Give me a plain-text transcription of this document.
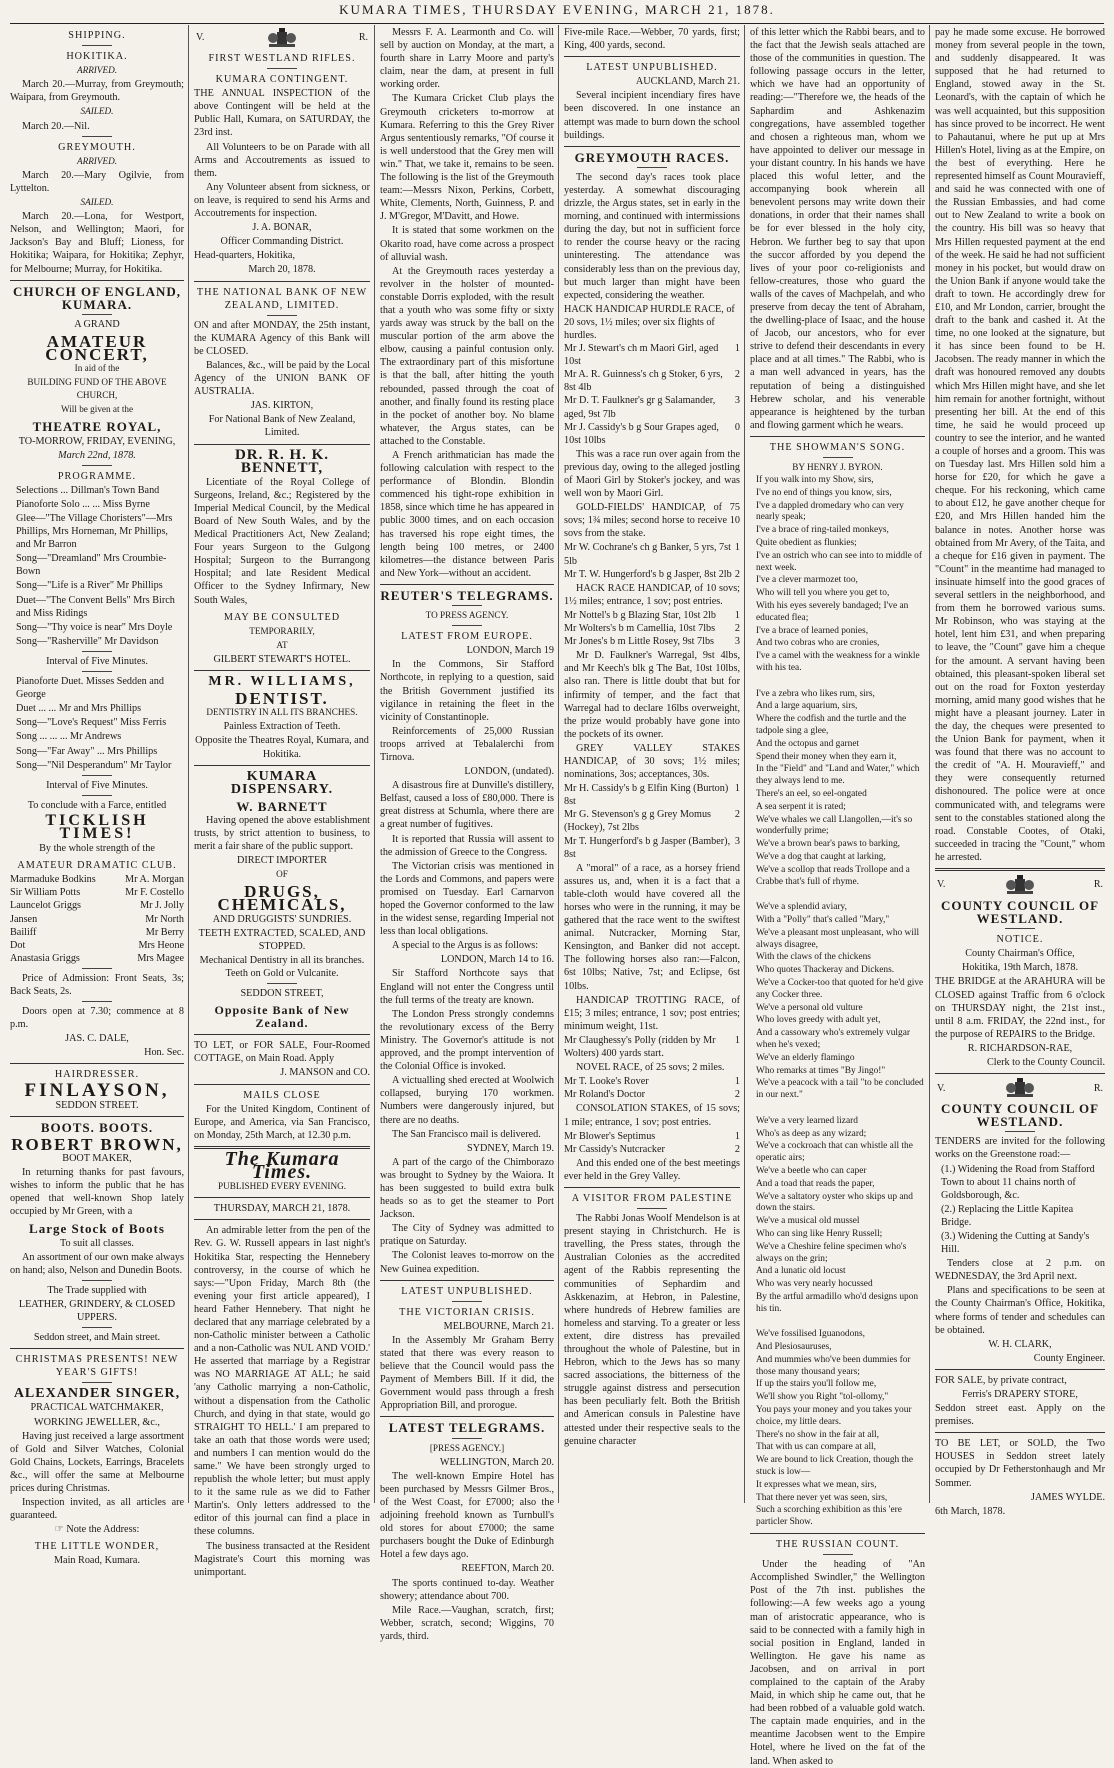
KUMARA TIMES, THURSDAY EVENING, MARCH 21, 1878.
SHIPPING.
HOKITIKA.
ARRIVED.
March 20.—Murray, from Greymouth; Waipara, from Greymouth.
SAILED.
March 20.—Nil.
GREYMOUTH.
ARRIVED.
March 20.—Mary Ogilvie, from Lyttelton.
SAILED.
March 20.—Lona, for Westport, Nelson, and Wellington; Maori, for Jackson's Bay and Bluff; Lioness, for Hokitika; Waipara, for Hokitika; Zephyr, for Melbourne; Murray, for Hokitika.
CHURCH OF ENGLAND, KUMARA.
A GRAND
AMATEUR CONCERT,
In aid of the
BUILDING FUND OF THE ABOVE CHURCH,
Will be given at the
THEATRE ROYAL,
TO-MORROW, FRIDAY, EVENING,
March 22nd, 1878.
PROGRAMME.
Selections ... Dillman's Town Band
Pianoforte Solo ... ... Miss Byrne
Glee—"The Village Choristers"—Mrs Phillips, Mrs Horneman, Mr Phillips, and Mr Barron
Song—"Dreamland" Mrs Croumbie-Bown
Song—"Life is a River" Mr Phillips
Duet—"The Convent Bells" Mrs Birch and Miss Ridings
Song—"Thy voice is near" Mrs Doyle
Song—"Rasherville" Mr Davidson
Interval of Five Minutes.
Pianoforte Duet. Misses Sedden and George
Duet ... ... Mr and Mrs Phillips
Song—"Love's Request" Miss Ferris
Song ... ... ... Mr Andrews
Song—"Far Away" ... Mrs Phillips
Song—"Nil Desperandum" Mr Taylor
Interval of Five Minutes.
To conclude with a Farce, entitled
TICKLISH TIMES!
By the whole strength of the
AMATEUR DRAMATIC CLUB.
Marmaduke Bodkins	Mr A. Morgan
Sir William Potts	Mr F. Costello
Launcelot Griggs	Mr J. Jolly
Jansen	Mr North
Bailiff	Mr Berry
Dot	Mrs Heone
Anastasia Griggs	Mrs Magee
Price of Admission: Front Seats, 3s; Back Seats, 2s.
Doors open at 7.30; commence at 8 p.m.
JAS. C. DALE,
Hon. Sec.
HAIRDRESSER.
FINLAYSON,
SEDDON STREET.
BOOTS. BOOTS.
ROBERT BROWN,
BOOT MAKER,
In returning thanks for past favours, wishes to inform the public that he has opened that well-known Shop lately occupied by Mr Green, with a
Large Stock of Boots
To suit all classes.
An assortment of our own make always on hand; also, Nelson and Dunedin Boots.
The Trade supplied with
LEATHER, GRINDERY, & CLOSED UPPERS.
Seddon street, and Main street.
CHRISTMAS PRESENTS! NEW YEAR'S GIFTS!
ALEXANDER SINGER,
PRACTICAL WATCHMAKER,
WORKING JEWELLER, &c.,
Having just received a large assortment of Gold and Silver Watches, Colonial Gold Chains, Lockets, Earrings, Bracelets &c., will offer the same at Melbourne prices during Christmas.
Inspection invited, as all articles are guaranteed.
☞ Note the Address:
THE LITTLE WONDER,
Main Road, Kumara.
V.	R.
FIRST WESTLAND RIFLES.
KUMARA CONTINGENT.
THE ANNUAL INSPECTION of the above Contingent will be held at the Public Hall, Kumara, on SATURDAY, the 23rd inst.
All Volunteers to be on Parade with all Arms and Accoutrements as issued to them.
Any Volunteer absent from sickness, or on leave, is required to send his Arms and Accoutrements for inspection.
J. A. BONAR,
Officer Commanding District.
Head-quarters, Hokitika,
March 20, 1878.
THE NATIONAL BANK OF NEW ZEALAND, LIMITED.
ON and after MONDAY, the 25th instant, the KUMARA Agency of this Bank will be CLOSED.
Balances, &c., will be paid by the Local Agency of the UNION BANK OF AUSTRALIA.
JAS. KIRTON,
For National Bank of New Zealand, Limited.
DR. R. H. K. BENNETT,
Licentiate of the Royal College of Surgeons, Ireland, &c.; Registered by the Imperial Medical Council, by the Medical Board of New South Wales, and by the Medical Practitioners Act, New Zealand; Four years Surgeon to the Gulgong Hospital; Surgeon to the Burrangong Hospital; and late Resident Medical Officer to the Sydney Infirmary, New South Wales,
MAY BE CONSULTED
TEMPORARILY,
AT
GILBERT STEWART'S HOTEL.
MR. WILLIAMS,
DENTIST.
DENTISTRY IN ALL ITS BRANCHES.
Painless Extraction of Teeth.
Opposite the Theatres Royal, Kumara, and Hokitika.
KUMARA DISPENSARY.
W. BARNETT
Having opened the above establishment trusts, by strict attention to business, to merit a fair share of the public support.
DIRECT IMPORTER
OF
DRUGS, CHEMICALS,
AND DRUGGISTS' SUNDRIES.
TEETH EXTRACTED, SCALED, AND STOPPED.
Mechanical Dentistry in all its branches. Teeth on Gold or Vulcanite.
SEDDON STREET,
Opposite Bank of New Zealand.
TO LET, or FOR SALE, Four-Roomed COTTAGE, on Main Road. Apply
J. MANSON and CO.
MAILS CLOSE
For the United Kingdom, Continent of Europe, and America, via San Francisco, on Monday, 25th March, at 12.30 p.m.
The Kumara Times.
PUBLISHED EVERY EVENING.
THURSDAY, MARCH 21, 1878.
An admirable letter from the pen of the Rev. G. W. Russell appears in last night's Hokitika Star, respecting the Hennebery controversy, in the course of which he says:—"Upon Friday, March 8th (the evening your first article appeared), I heard Father Hennebery. That night he declared that any marriage celebrated by a non-Catholic minister between a Catholic and a non-Catholic was NUL AND VOID.' He asserted that marriage by a Registrar was NO MARRIAGE AT ALL; he said 'any Catholic marrying a non-Catholic, without a dispensation from the Catholic Church, and dying in that state, would go STRAIGHT TO HELL.' I am prepared to take an oath that those words were used; and numbers I can mention would do the same." We have been strongly urged to republish the whole letter; but must apply to it the same rule as we did to Father Martin's. Only letters addressed to the editor of this journal can find a place in these columns.
The business transacted at the Resident Magistrate's Court this morning was unimportant.
Messrs F. A. Learmonth and Co. will sell by auction on Monday, at the mart, a fourth share in Larry Moore and party's claim, near the dam, at present in full working order.
The Kumara Cricket Club plays the Greymouth cricketers to-morrow at Kumara. Referring to this the Grey River Argus sententiously remarks, "Of course it is well understood that the Grey men will win." That, we take it, remains to be seen. The following is the list of the Greymouth team:—Messrs Nixon, Perkins, Corbett, White, Clements, North, Guinness, P. and J. M'Gregor, M'Davitt, and Howe.
It is stated that some workmen on the Okarito road, have come across a prospect of alluvial wash.
At the Greymouth races yesterday a revolver in the holster of mounted-constable Dorris exploded, with the result that a youth who was some fifty or sixty yards away was struck by the ball on the muscular portion of the arm above the elbow, causing a painful contusion only. The extraordinary part of this misfortune is that the ball, after hitting the youth rebounded, passed through the coat of another, and finally found its resting place in the pocket of another boy. No blame whatever, the Argus states, can be attached to the Constable.
A French arithmatician has made the following calculation with respect to the performance of Blondin. Blondin commenced his tight-rope exhibition in 1858, since which time he has appeared in public 3000 times, and on each occasion has traversed his rope eight times, the length being 100 metres, or 2400 kilometres—the distance between Paris and New York—without an accident.
REUTER'S TELEGRAMS.
TO PRESS AGENCY.
LATEST FROM EUROPE.
LONDON, March 19
In the Commons, Sir Stafford Northcote, in replying to a question, said the British Government justified its vigilance in retaining the fleet in the vicinity of Constantinople.
Reinforcements of 25,000 Russian troops arrived at Tebalalerchi from Tirnova.
LONDON, (undated).
A disastrous fire at Dunville's distillery, Belfast, caused a loss of £80,000. There is great distress at Schumla, where there are a great number of fugitives.
It is reported that Russia will assent to the admission of Greece to the Congress.
The Victorian crisis was mentioned in the Lords and Commons, and papers were promised on Tuesday. Earl Carnarvon hoped the Governor conformed to the law in the widest sense, regarding Imperial not less than local obligations.
A special to the Argus is as follows:
LONDON, March 14 to 16.
Sir Stafford Northcote says that England will not enter the Congress until the full terms of the treaty are known.
The London Press strongly condemns the revolutionary excess of the Berry Ministry. The Governor's attitude is not approved, and the prompt intervention of the Colonial Office is invoked.
A victualling shed erected at Woolwich collapsed, burying 170 workmen. Numbers were dangerously injured, but there are no deaths.
The San Francisco mail is delivered.
SYDNEY, March 19.
A part of the cargo of the Chimborazo was brought to Sydney by the Waiora. It has been suggested to build extra bulk heads so as to get the steamer to Port Jackson.
The City of Sydney was admitted to pratique on Saturday.
The Colonist leaves to-morrow on the New Guinea expedition.
LATEST UNPUBLISHED.
THE VICTORIAN CRISIS.
MELBOURNE, March 21.
In the Assembly Mr Graham Berry stated that there was every reason to believe that the Council would pass the Payment of Members Bill. If it did, the Government would pass through a fresh Appropriation Bill, and prorogue.
LATEST TELEGRAMS.
[PRESS AGENCY.]
WELLINGTON, March 20.
The well-known Empire Hotel has been purchased by Messrs Gilmer Bros., of the West Coast, for £7000; also the adjoining freehold known as Turnbull's old stores for about £7000; the same purchasers bought the Duke of Edinburgh Hotel a few days ago.
REEFTON, March 20.
The sports continued to-day. Weather showery; attendance about 700.
Mile Race.—Vaughan, scratch, first; Webber, scratch, second; Wiggins, 70 yards, third.
Five-mile Race.—Webber, 70 yards, first; King, 400 yards, second.
LATEST UNPUBLISHED.
AUCKLAND, March 21.
Several incipient incendiary fires have been discovered. In one instance an attempt was made to burn down the school buildings.
GREYMOUTH RACES.
The second day's races took place yesterday. A somewhat discouraging drizzle, the Argus states, set in early in the morning, and continued with intermissions during the day, but not in sufficient force to render the course heavy or the racing uninteresting. The attendance was considerably less than on the previous day, but much larger than might have been expected, considering the weather.
HACK HANDICAP HURDLE RACE, of 20 sovs, 1½ miles; over six flights of hurdles.

Mr J. Stewart's ch m Maori Girl, aged 10st
1
Mr A. R. Guinness's ch g Stoker, 6 yrs, 8st 4lb
2
Mr D. T. Faulkner's gr g Salamander, aged, 9st 7lb
3
Mr J. Cassidy's b g Sour Grapes aged, 10st 10lbs
0
This was a race run over again from the previous day, owing to the alleged jostling of Maori Girl by Stoker's jockey, and was well won by Maori Girl.
GOLD-FIELDS' HANDICAP, of 75 sovs; 1¾ miles; second horse to receive 10 sovs from the stake.
Mr W. Cochrane's ch g Banker, 5 yrs, 7st 5lb
1
Mr T. W. Hungerford's b g Jasper, 8st 2lb 2
HACK RACE HANDICAP, of 10 sovs; 1½ miles; entrance, 1 sov; post entries.
Mr Nottel's b g Blazing Star, 10st 2lb 1
Mr Wolters's b m Camellia, 10st 7lbs 2
Mr Jones's b m Little Rosey, 9st 7lbs 3
Mr D. Faulkner's Warregal, 9st 4lbs, and Mr Keech's blk g The Bat, 10st 10lbs, also ran. There is little doubt that but for infirmity of temper, and the fact that Warregal had to declare 16lbs overweight, the prize would probably have gone into the pockets of its owner.
GREY VALLEY STAKES HANDICAP, of 30 sovs; 1½ miles; nominations, 3os; acceptances, 30s.
Mr H. Cassidy's b g Elfin King (Burton) 8st
1
Mr G. Stevenson's g g Grey Momus (Hockey), 7st 2lbs
2
Mr T. Hungerford's b g Jasper (Bamber), 8st
3
A "moral" of a race, as a horsey friend assures us, and, when it is a fact that a table-cloth would have covered all the horses who were in the running, it may be gathered that the race went to the swiftest animal. Nutcracker, Morning Star, Kensington, and Banker did not accept. The following horses also ran:—Falcon, 6st 10lbs; Native, 7st; and Eclipse, 6st 10lbs.
HANDICAP TROTTING RACE, of £15; 3 miles; entrance, 1 sov; post entries; minimum weight, 11st.
Mr Claughessy's Polly (ridden by Mr Wolters) 400 yards start.
1
NOVEL RACE, of 25 sovs; 2 miles.
Mr T. Looke's Rover	1
Mr Roland's Doctor	2
CONSOLATION STAKES, of 15 sovs; 1 mile; entrance, 1 sov; post entries.
Mr Blower's Septimus	1
Mr Cassidy's Nutcracker	2
And this ended one of the best meetings ever held in the Grey Valley.
A VISITOR FROM PALESTINE
The Rabbi Jonas Woolf Mendelson is at present staying in Christchurch. He is travelling, the Press states, through the Australian Colonies as the accredited agent of the Rabbis representing the communities of Sephardim and Askkenazim, at Hebron, in Palestine, where hundreds of Hebrew families are homeless and starving. To a greater or less extent, dire distress has prevailed throughout the whole of Palestine, but in Hebron, which to the Jews has so many sacred associations, the bitterness of the struggle against distress and persecution has been peculiarly felt. Both the British and American consuls in Palestine have attested under their respective seals to the genuine character
of this letter which the Rabbi bears, and to the fact that the Jewish seals attached are those of the communities in question. The following passage occurs in the letter, which we have had an opportunity of reading:—"Therefore we, the heads of the Saphardim and Ashkenazim congregations, have assembled together and chosen a righteous man, whom we have appointed to deliver our message in your distant country. In his hands we have placed this woful letter, and the accompanying book wherein all benevolent persons may write down their donations, in order that their names shall be for ever blessed in the holy city, Hebron. We further beg to say that upon the succor afforded by you depend the lives of your poor co-religionists and fellow-creatures, those who guard the walls of the caves of Machpelah, and who preserve from decay the tent of Abraham, the dwelling-place of Isaac, and the house of Jacob, our ancestors, who for ever strive to defend their descendants in every place and at all times." The Rabbi, who is a man well advanced in years, has the reputation of being a distinguished Hebrew scholar, and his venerable appearance is heightened by the turban and flowing garment which he wears.
THE SHOWMAN'S SONG.
BY HENRY J. BYRON.
If you walk into my Show, sirs,
I've no end of things you know, sirs,
I've a dappled dromedary who can very nearly speak;
I've a brace of ring-tailed monkeys,
Quite obedient as flunkies;
I've an ostrich who can see into to middle of next week.
I've a clever marmozet too,
Who will tell you where you get to,
With his eyes severely bandaged; I've an educated flea;
I've a brace of learned ponies,
And two cobras who are cronies,
I've a camel with the weakness for a winkle with his tea.

I've a zebra who likes rum, sirs,
And a large aquarium, sirs,
Where the codfish and the turtle and the tadpole sing a glee,
And the octopus and garnet
Spend their money when they earn it,
In the "Field" and "Land and Water," which they always lend to me.
There's an eel, so eel-ongated
A sea serpent it is rated;
We've whales we call Llangollen,—it's so wonderfully prime;
We've a brown bear's paws to barking,
We've a dog that caught at larking,
We've a scollop that reads Trollope and a Crabbe that's full of rhyme.

We've a splendid aviary,
With a "Polly" that's called "Mary,"
We've a pleasant most unpleasant, who will always disagree,
With the claws of the chickens
Who quotes Thackeray and Dickens.
We've a Cocker-too that quoted for he'd give any Cocker three.
We've a personal old vulture
Who loves greedy with adult yet,
And a cassowary who's extremely vulgar when he's vexed;
We've an elderly flamingo
Who remarks at times "By Jingo!"
We've a peacock with a tail "to be concluded in our next."

We've a very learned lizard
Who's as deep as any wizard;
We've a cockroach that can whistle all the operatic airs;
We've a beetle who can caper
And a toad that reads the paper,
We've a saltatory oyster who skips up and down the stairs.
We've a musical old mussel
Who can sing like Henry Russell;
We've a Cheshire feline specimen who's always on the grin;
And a lunatic old locust
Who was very nearly hocussed
By the artful armadillo who'd designs upon his tin.

We've fossilised Iguanodons,
And Plesiosauruses,
And mummies who've been dummies for those many thousand years;
If up the stairs you'll follow me,
We'll show you Right "tol-ollomy,"
You pays your money and you takes your choice, my little dears.
There's no show in the fair at all,
That with us can compare at all,
We are bound to lick Creation, though the stuck is low—
It expresses what we mean, sirs,
That there never yet was seen, sirs,
Such a scorching exhibition as this 'ere particler Show.
THE RUSSIAN COUNT.
Under the heading of "An Accomplished Swindler," the Wellington Post of the 7th inst. publishes the following:—A few weeks ago a young man of aristocratic appearance, who is said to be connected with a family high in social position in England, landed in Wellington. He gave his name as Jacobsen, and on arrival in port complained to the captain of the Araby Maid, in which ship he came out, that he had been robbed of a valuable gold watch. The captain made enquiries, and in the meantime Jacobsen went to the Empire Hotel, where he lived on the fat of the land. When asked to
pay he made some excuse. He borrowed money from several people in the town, and suddenly disappeared. It was supposed that he had returned to England, stowed away in the St. Leonard's, with the captain of which he was well acquainted, but this supposition has since proved to be incorrect. He went to Pahautanui, where he put up at Mrs Hillen's Hotel, living as at the Empire, on the best of everything. Here he represented himself as Count Mouravieff, and said he was connected with one of the Russian Embassies, and had come out to New Zealand to write a book on the country. His bill was so heavy that Mrs Hillen requested payment at the end of the week. He said he had not sufficient money in his pocket, but would draw on the Union Bank if anyone would take the draft to town. He accordingly drew for £10, and Mr London, carrier, brought the draft to the bank and cashed it. At the time, no one looked at the signature, but it has since been found to be H. Jacobsen. The ready manner in which the draft was honoured removed any doubts which Mrs Hillen might have, and she let him remain for another fortnight, without presenting her bill. At the end of this time, he said he would proceed up country to see the interior, and he wanted a couple of horses and a groom. This was on Tuesday last. Mrs Hillen sold him a horse for £20, for which he gave a cheque. For his reckoning, which came to about £12, he gave another cheque for £20, and Mrs Hillen handed him the balance in notes. Another horse was obtained from Mr Avery, of the Taita, and a cheque for £16 given in payment. The "Count" in the meantime had managed to insinuate himself into the good graces of several settlers in the neighborhood, and from them he borrowed various sums. Mr Robinson, who was staying at the hotel, lent him £31, and when preparing to leave, the "Count" gave him a cheque for the amount. A servant having been obtained, this pleasant-spoken liberal set out on the road for Foxton yesterday morning, amid many good wishes that he might have a pleasant journey. Later in the day, the cheques were presented to the Union Bank for payment, when it was found that there was no account to the credit of "A. H. Mouravieff," and they were consequently returned dishonoured. The police were at once communicated with, and telegrams were sent to the constables stationed along the road. Constable Cootes, of Otaki, succeeded in tracing the "Count," whom he arrested.
V.	R.
COUNTY COUNCIL OF WESTLAND.
NOTICE.
County Chairman's Office,
Hokitika, 19th March, 1878.
THE BRIDGE at the ARAHURA will be CLOSED against Traffic from 6 o'clock on THURSDAY night, the 21st inst., until 8 a.m. FRIDAY, the 22nd inst., for the purpose of REPAIRS to the Bridge.
R. RICHARDSON-RAE,
Clerk to the County Council.
V.	R.
COUNTY COUNCIL OF WESTLAND.
TENDERS are invited for the following works on the Greenstone road:—
(1.) Widening the Road from Stafford Town to about 11 chains north of Goldsborough, &c.
(2.) Replacing the Little Kapitea Bridge.
(3.) Widening the Cutting at Sandy's Hill.
Tenders close at 2 p.m. on WEDNESDAY, the 3rd April next.
Plans and specifications to be seen at the County Chairman's Office, Hokitika, where forms of tender and schedules can be obtained.
W. H. CLARK,
County Engineer.
FOR SALE, by private contract,
Ferris's DRAPERY STORE,
Seddon street east. Apply on the premises.
TO BE LET, or SOLD, the Two HOUSES in Seddon street lately occupied by Dr Fetherstonhaugh and Mr Sommer.
JAMES WYLDE.
6th March, 1878.
